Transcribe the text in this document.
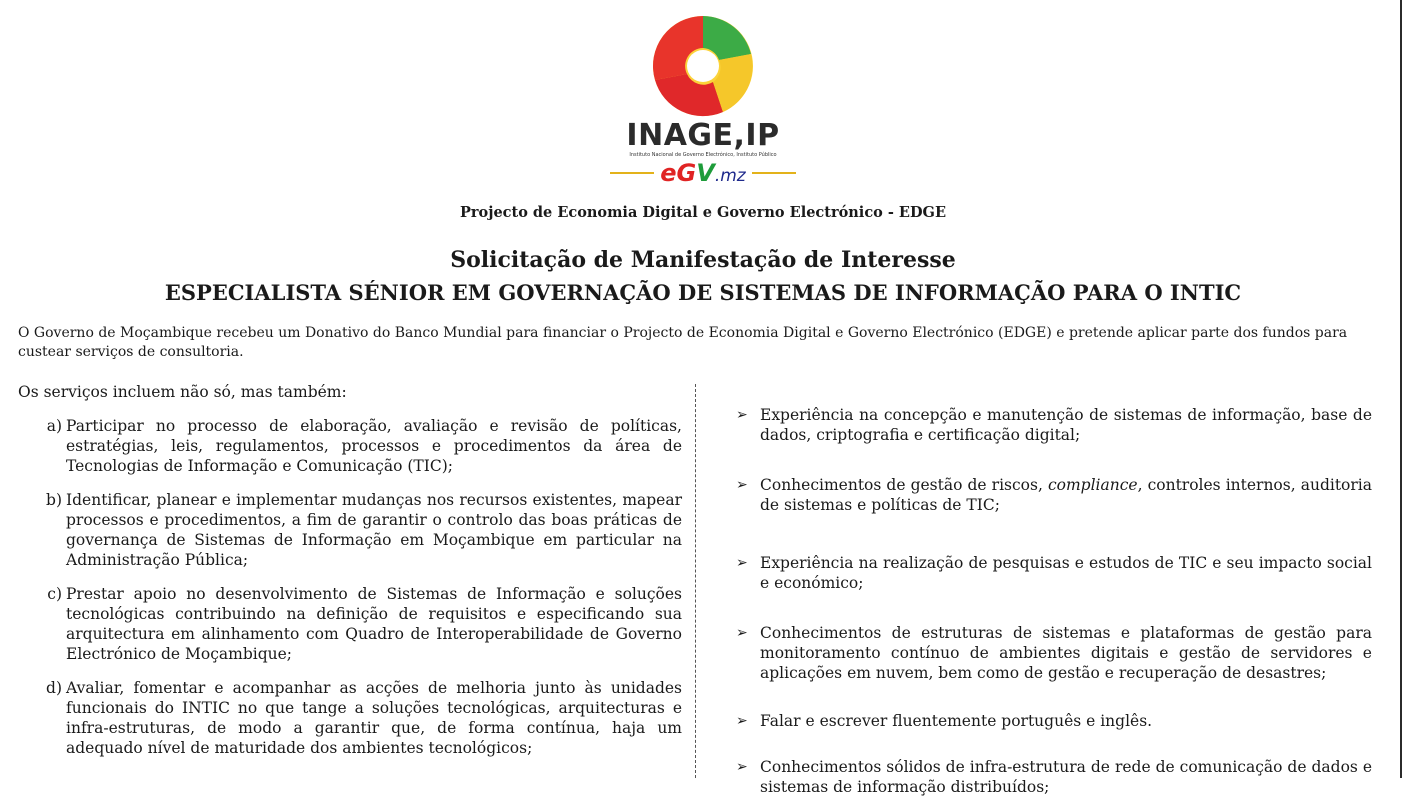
INAGE,IP
Instituto Nacional de Governo Electrónico, Instituto Público
eGV.mz
Projecto de Economia Digital e Governo Electrónico - EDGE
Solicitação de Manifestação de Interesse
ESPECIALISTA SÉNIOR EM GOVERNAÇÃO DE SISTEMAS DE INFORMAÇÃO PARA O INTIC
O Governo de Moçambique recebeu um Donativo do Banco Mundial para financiar o Projecto de Economia Digital e Governo Electrónico (EDGE) e pretende aplicar parte dos fundos para custear serviços de consultoria.
Os serviços incluem não só, mas também:
a) Participar no processo de elaboração, avaliação e revisão de políticas, estratégias, leis, regulamentos, processos e procedimentos da área de Tecnologias de Informação e Comunicação (TIC);
b) Identificar, planear e implementar mudanças nos recursos existentes, mapear processos e procedimentos, a fim de garantir o controlo das boas práticas de governança de Sistemas de Informação em Moçambique em particular na Administração Pública;
c) Prestar apoio no desenvolvimento de Sistemas de Informação e soluções tecnológicas contribuindo na definição de requisitos e especificando sua arquitectura em alinhamento com Quadro de Interoperabilidade de Governo Electrónico de Moçambique;
d) Avaliar, fomentar e acompanhar as acções de melhoria junto às unidades funcionais do INTIC no que tange a soluções tecnológicas, arquitecturas e infra-estruturas, de modo a garantir que, de forma contínua, haja um adequado nível de maturidade dos ambientes tecnológicos;
➢ Experiência na concepção e manutenção de sistemas de informação, base de dados, criptografia e certificação digital;
➢ Conhecimentos de gestão de riscos, compliance, controles internos, auditoria de sistemas e políticas de TIC;
➢ Experiência na realização de pesquisas e estudos de TIC e seu impacto social e económico;
➢ Conhecimentos de estruturas de sistemas e plataformas de gestão para monitoramento contínuo de ambientes digitais e gestão de servidores e aplicações em nuvem, bem como de gestão e recuperação de desastres;
➢ Falar e escrever fluentemente português e inglês.
➢ Conhecimentos sólidos de infra-estrutura de rede de comunicação de dados e sistemas de informação distribuídos;
